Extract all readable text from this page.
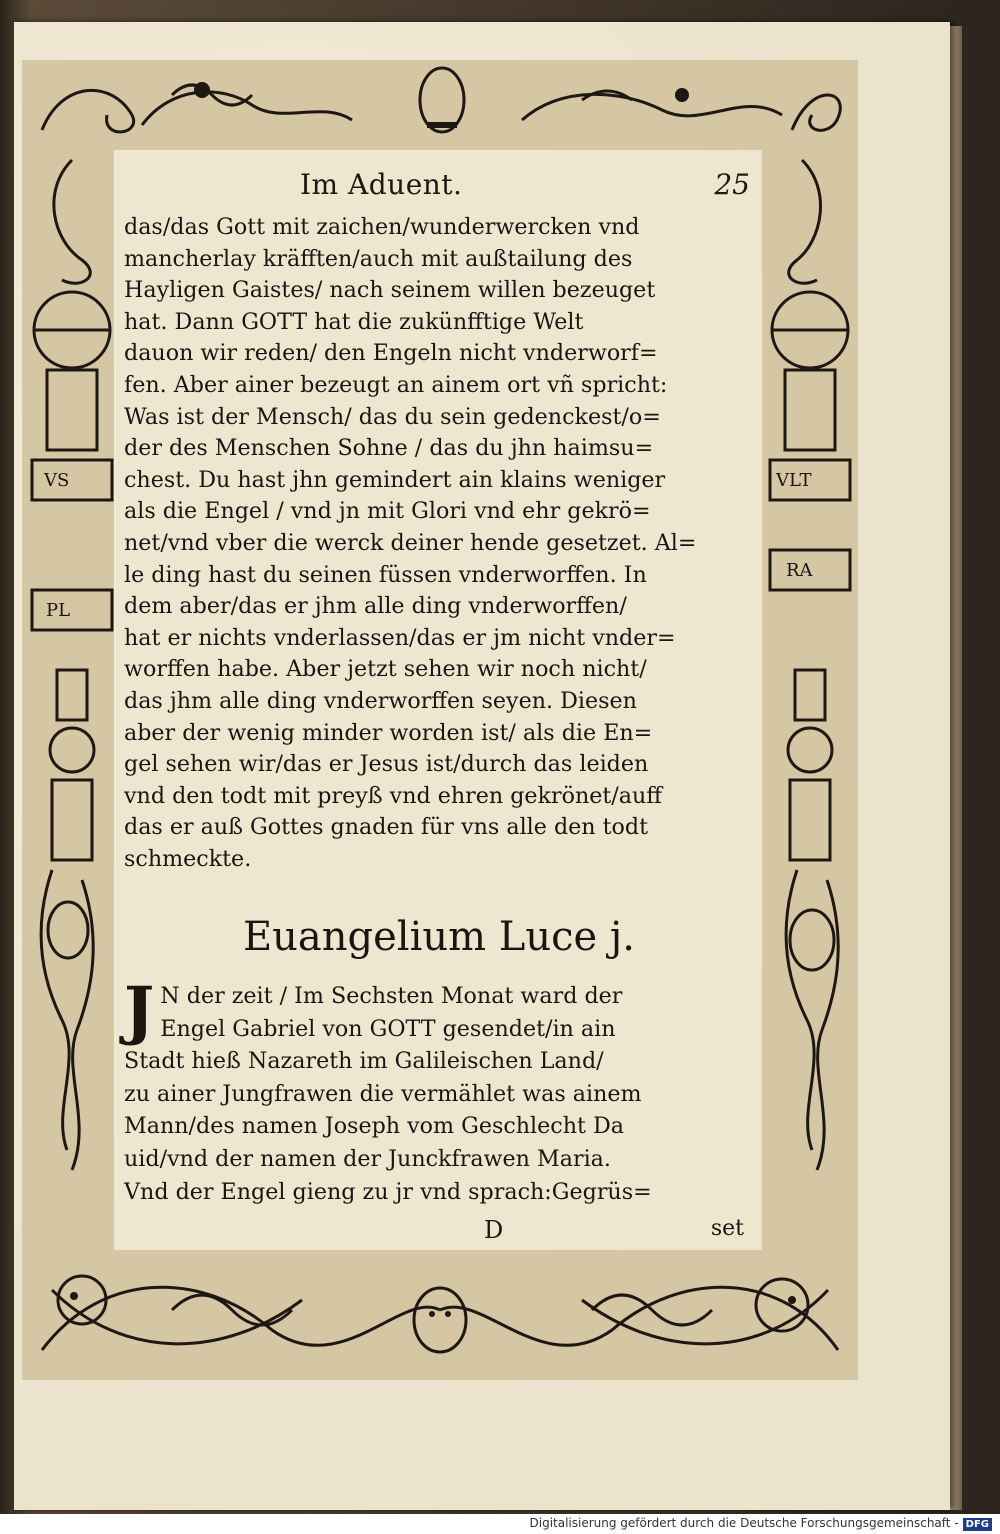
VS
PL
VLT
RA
Im Aduent.	25
das/das Gott mit zaichen/wunderwercken vnd
mancherlay kräfften/auch mit außtailung des
Hayligen Gaistes/ nach seinem willen bezeuget
hat. Dann GOTT hat die zukünfftige Welt
dauon wir reden/ den Engeln nicht vnderworf=
fen. Aber ainer bezeugt an ainem ort vñ spricht:
Was ist der Mensch/ das du sein gedenckest/o=
der des Menschen Sohne / das du jhn haimsu=
chest. Du hast jhn gemindert ain klains weniger
als die Engel / vnd jn mit Glori vnd ehr gekrö=
net/vnd vber die werck deiner hende gesetzet. Al=
le ding hast du seinen füssen vnderworffen. In
dem aber/das er jhm alle ding vnderworffen/
hat er nichts vnderlassen/das er jm nicht vnder=
worffen habe. Aber jetzt sehen wir noch nicht/
das jhm alle ding vnderworffen seyen. Diesen
aber der wenig minder worden ist/ als die En=
gel sehen wir/das er Jesus ist/durch das leiden
vnd den todt mit preyß vnd ehren gekrönet/auff
das er auß Gottes gnaden für vns alle den todt
schmeckte.
Euangelium Luce j.
J N der zeit / Im Sechsten Monat ward der
Engel Gabriel von GOTT gesendet/in ain
Stadt hieß Nazareth im Galileischen Land/
zu ainer Jungfrawen die vermählet was ainem
Mann/des namen Joseph vom Geschlecht Da
uid/vnd der namen der Junckfrawen Maria.
Vnd der Engel gieng zu jr vnd sprach:Gegrüs=
D	set
Digitalisierung gefördert durch die Deutsche Forschungsgemeinschaft - DFG
